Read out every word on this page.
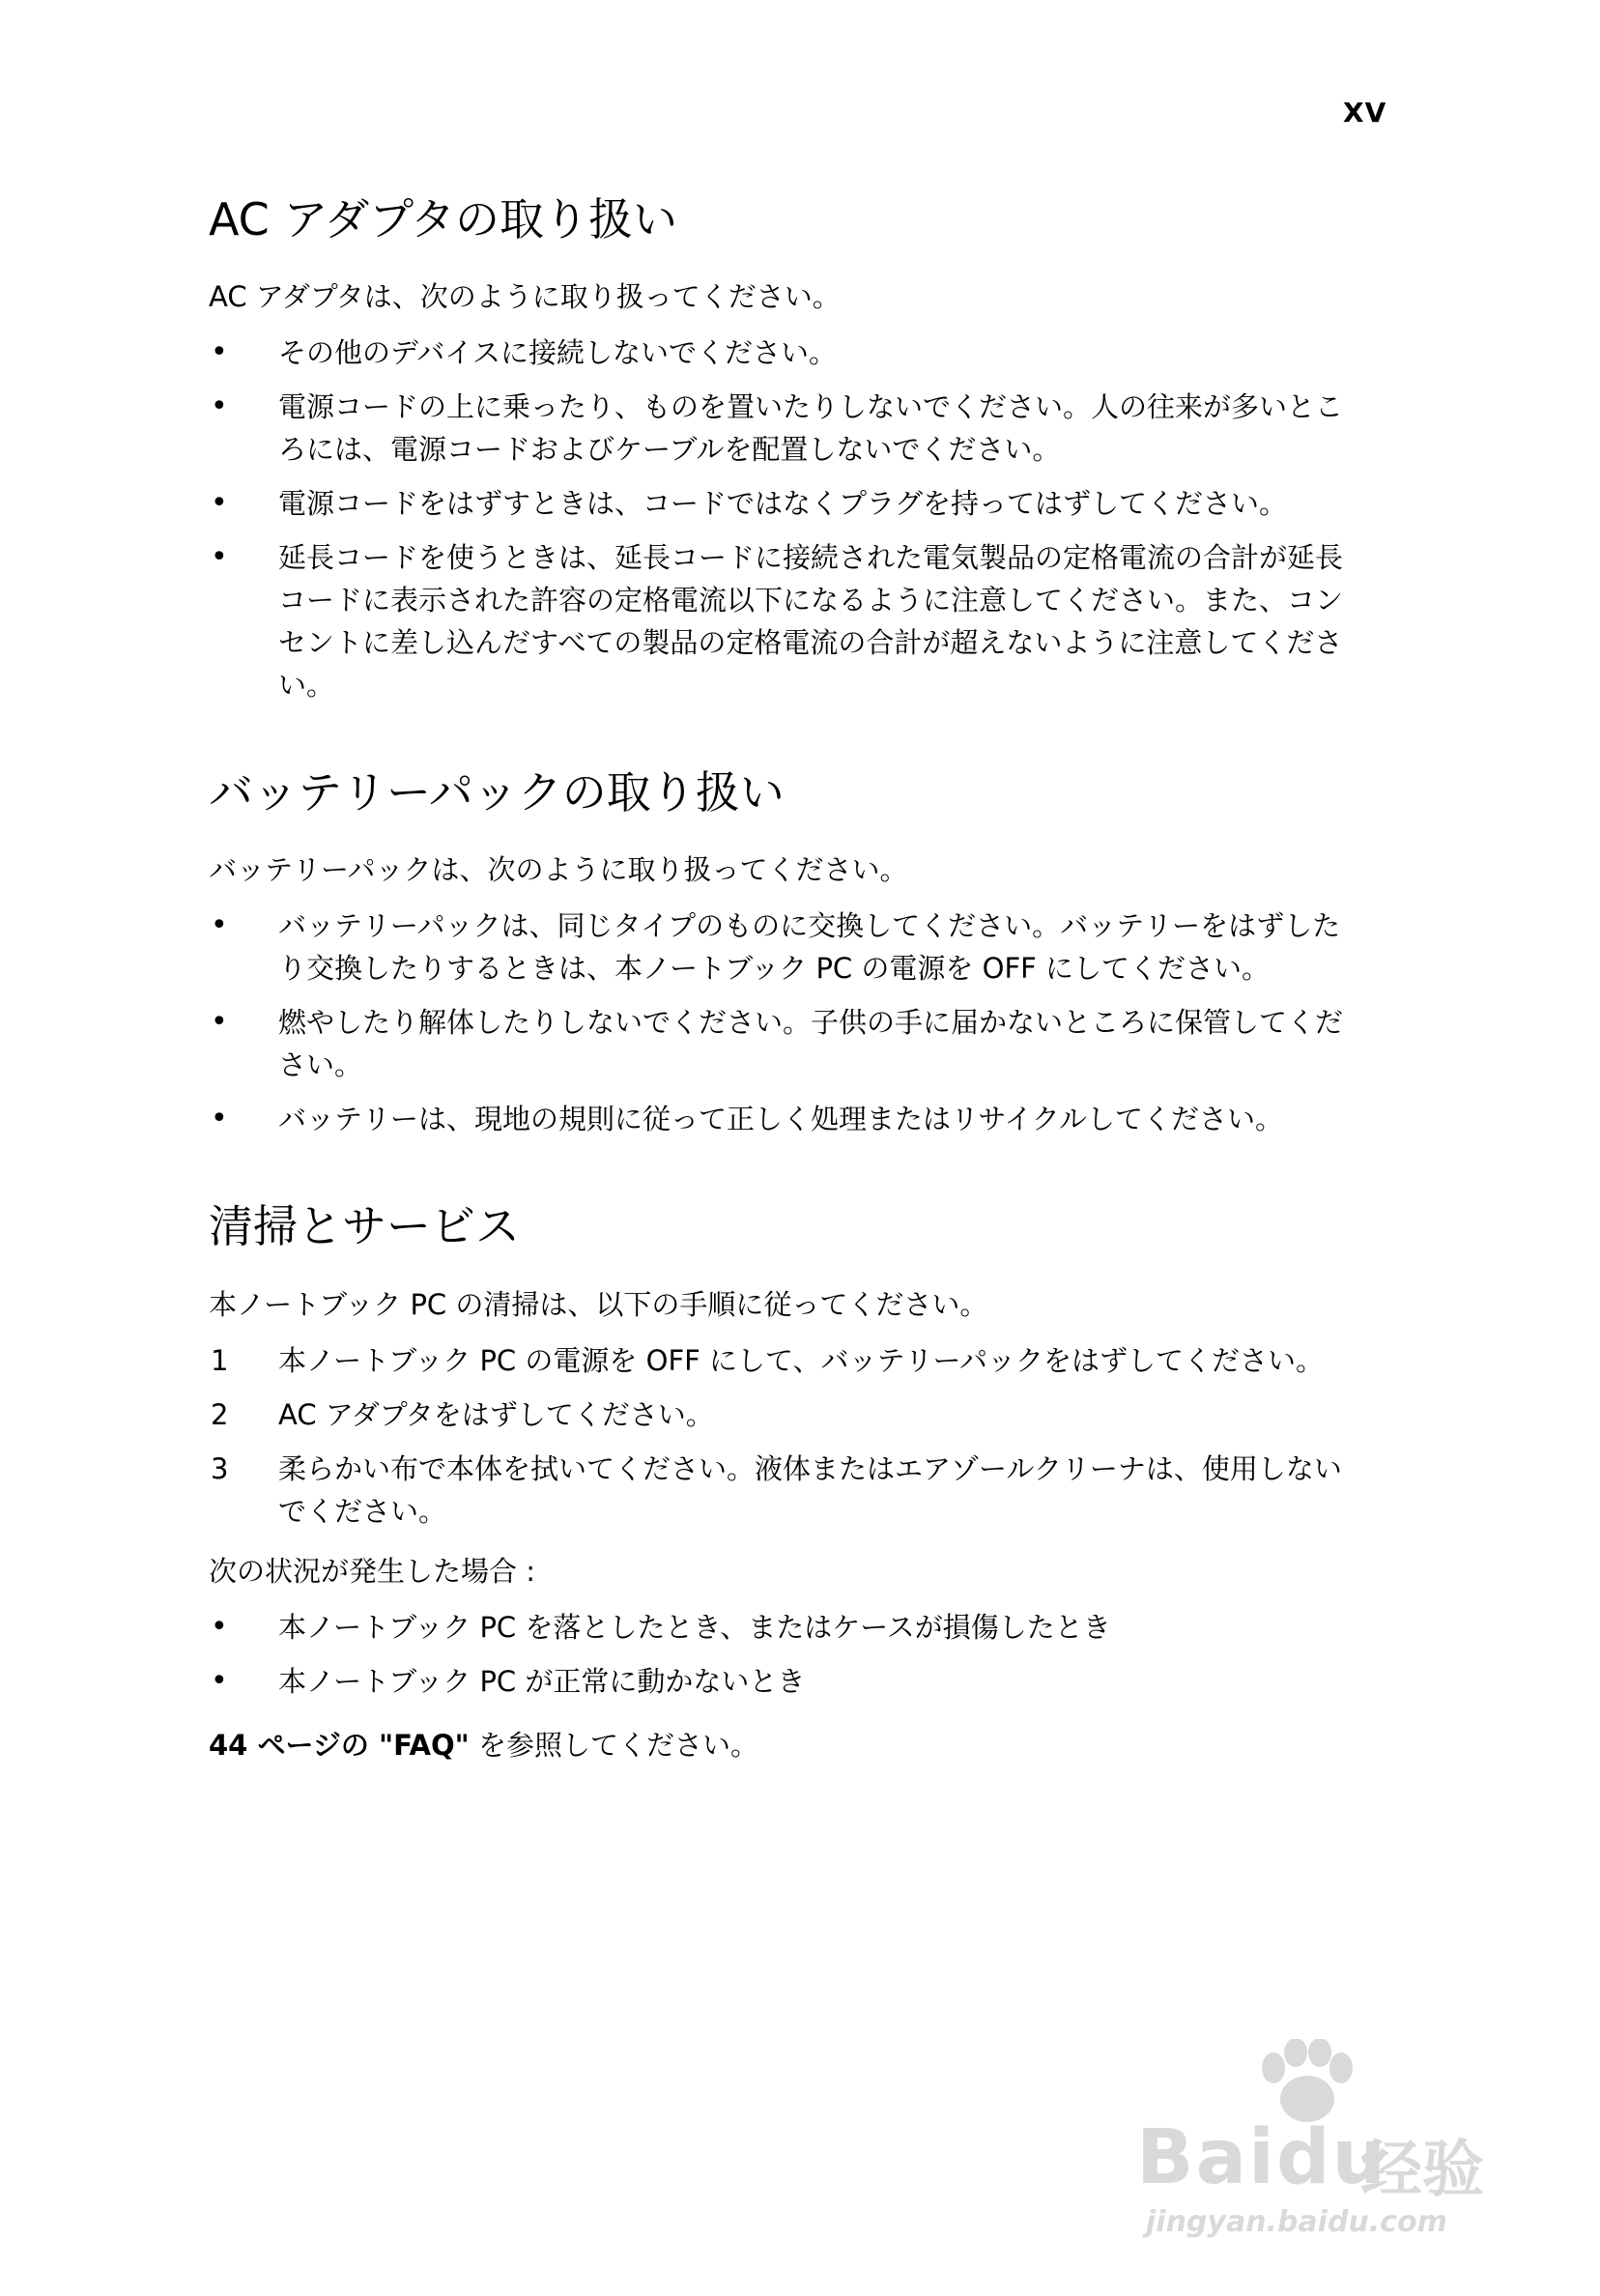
XV
AC アダプタの取り扱い

AC アダプタは、次のように取り扱ってください。

• その他のデバイスに接続しないでください。
• 電源コードの上に乗ったり、ものを置いたりしないでください。人の往来が多いところには、電源コードおよびケーブルを配置しないでください。
• 電源コードをはずすときは、コードではなくプラグを持ってはずしてください。
• 延長コードを使うときは、延長コードに接続された電気製品の定格電流の合計が延長コードに表示された許容の定格電流以下になるように注意してください。また、コンセントに差し込んだすべての製品の定格電流の合計が超えないように注意してください。
バッテリーパックの取り扱い

バッテリーパックは、次のように取り扱ってください。

• バッテリーパックは、同じタイプのものに交換してください。バッテリーをはずしたり交換したりするときは、本ノートブック PC の電源を OFF にしてください。
• 燃やしたり解体したりしないでください。子供の手に届かないところに保管してください。
• バッテリーは、現地の規則に従って正しく処理またはリサイクルしてください。
清掃とサービス

本ノートブック PC の清掃は、以下の手順に従ってください。

1 本ノートブック PC の電源を OFF にして、バッテリーパックをはずしてください。
2 AC アダプタをはずしてください。
3 柔らかい布で本体を拭いてください。液体またはエアゾールクリーナは、使用しないでください。

次の状況が発生した場合 :

• 本ノートブック PC を落としたとき、またはケースが損傷したとき
• 本ノートブック PC が正常に動かないとき

44 ページの "FAQ" を参照してください。

Baidu
经验
jingyan.baidu.com
